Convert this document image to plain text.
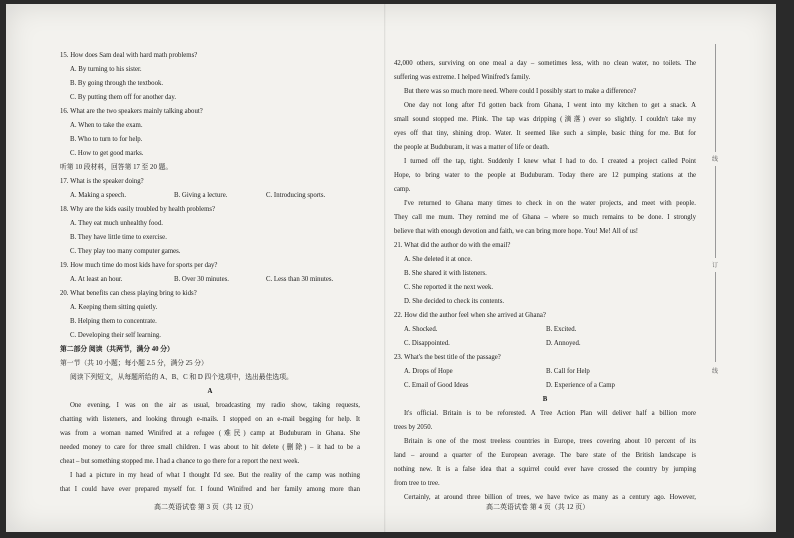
15. How does Sam deal with hard math problems?
A. By turning to his sister.
B. By going through the textbook.
C. By putting them off for another day.
16. What are the two speakers mainly talking about?
A. When to take the exam.
B. Who to turn to for help.
C. How to get good marks.
听第 10 段材料，回答第 17 至 20 题。
17. What is the speaker doing?
A. Making a speech.	B. Giving a lecture.	C. Introducing sports.
18. Why are the kids easily troubled by health problems?
A. They eat much unhealthy food.
B. They have little time to exercise.
C. They play too many computer games.
19. How much time do most kids have for sports per day?
A. At least an hour.	B. Over 30 minutes.	C. Less than 30 minutes.
20. What benefits can chess playing bring to kids?
A. Keeping them sitting quietly.
B. Helping them to concentrate.
C. Developing their self learning.
第二部分 阅读（共两节，满分 40 分）
第一节（共 10 小题；每小题 2.5 分，满分 25 分）
阅读下列短文，从每题所给的 A、B、C 和 D 四个选项中，选出最佳选项。
A
One evening, I was on the air as usual, broadcasting my radio show, taking requests,
chatting with listeners, and looking through e-mails. I stopped on an e-mail begging for help. It
was from a woman named Winifred at a refugee (难民) camp at Buduburam in Ghana. She
needed money to care for three small children. I was about to hit delete (删除) – it had to be a
cheat – but something stopped me. I had a chance to go there for a report the next week.
I had a picture in my head of what I thought I'd see. But the reality of the camp was nothing
that I could have ever prepared myself for. I found Winifred and her family among more than
42,000 others, surviving on one meal a day – sometimes less, with no clean water, no toilets. The
suffering was extreme. I helped Winifred's family.
But there was so much more need. Where could I possibly start to make a difference?
One day not long after I'd gotten back from Ghana, I went into my kitchen to get a snack. A
small sound stopped me. Plink. The tap was dripping (滴落) ever so slightly. I couldn't take my
eyes off that tiny, shining drop. Water. It seemed like such a simple, basic thing for me. But for
the people at Buduburam, it was a matter of life or death.
I turned off the tap, tight. Suddenly I knew what I had to do. I created a project called Point
Hope, to bring water to the people at Buduburam. Today there are 12 pumping stations at the
camp.
I've returned to Ghana many times to check in on the water projects, and meet with people.
They call me mum. They remind me of Ghana – where so much remains to be done. I strongly
believe that with enough devotion and faith, we can bring more hope. You! Me! All of us!
21. What did the author do with the email?
A. She deleted it at once.
B. She shared it with listeners.
C. She reported it the next week.
D. She decided to check its contents.
22. How did the author feel when she arrived at Ghana?
A. Shocked.	B. Excited.
C. Disappointed.	D. Annoyed.
23. What's the best title of the passage?
A. Drops of Hope	B. Call for Help
C. Email of Good Ideas	D. Experience of a Camp
B
It's official. Britain is to be reforested. A Tree Action Plan will deliver half a billion more
trees by 2050.
Britain is one of the most treeless countries in Europe, trees covering about 10 percent of its
land – around a quarter of the European average. The bare state of the British landscape is
nothing new. It is a false idea that a squirrel could ever have crossed the country by jumping
from tree to tree.
Certainly, at around three billion of trees, we have twice as many as a century ago. However,
线
订
线
高二英语试卷 第 3 页（共 12 页）	高二英语试卷 第 4 页（共 12 页）
